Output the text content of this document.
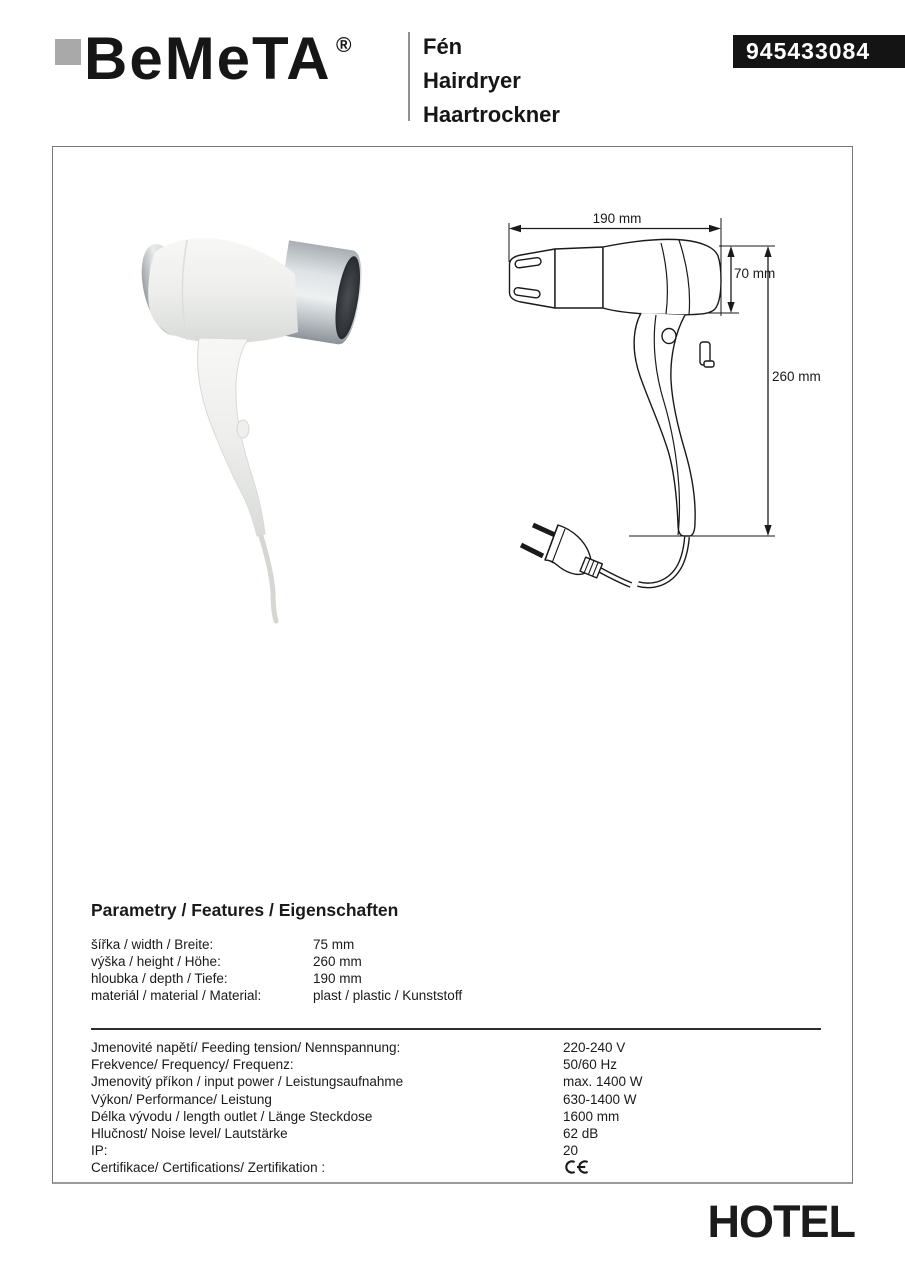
BeMeTA ®	Fén
Hairdryer
Haartrockner
945433084
190 mm
70 mm
260 mm
Parametry / Features / Eigenschaften
šířka / width / Breite:	75 mm
výška / height / Höhe:	260 mm
hloubka / depth / Tiefe:	190 mm
materiál / material / Material:	plast / plastic / Kunststoff
Jmenovité napětí/ Feeding tension/ Nennspannung:	220-240 V
Frekvence/ Frequency/ Frequenz:	50/60 Hz
Jmenovitý příkon / input power / Leistungsaufnahme	max. 1400 W
Výkon/ Performance/ Leistung	630-1400 W
Délka vývodu / length outlet / Länge Steckdose	1600 mm
Hlučnost/ Noise level/ Lautstärke	62 dB
IP:	20
Certifikace/ Certifications/ Zertifikation :
HOTEL
